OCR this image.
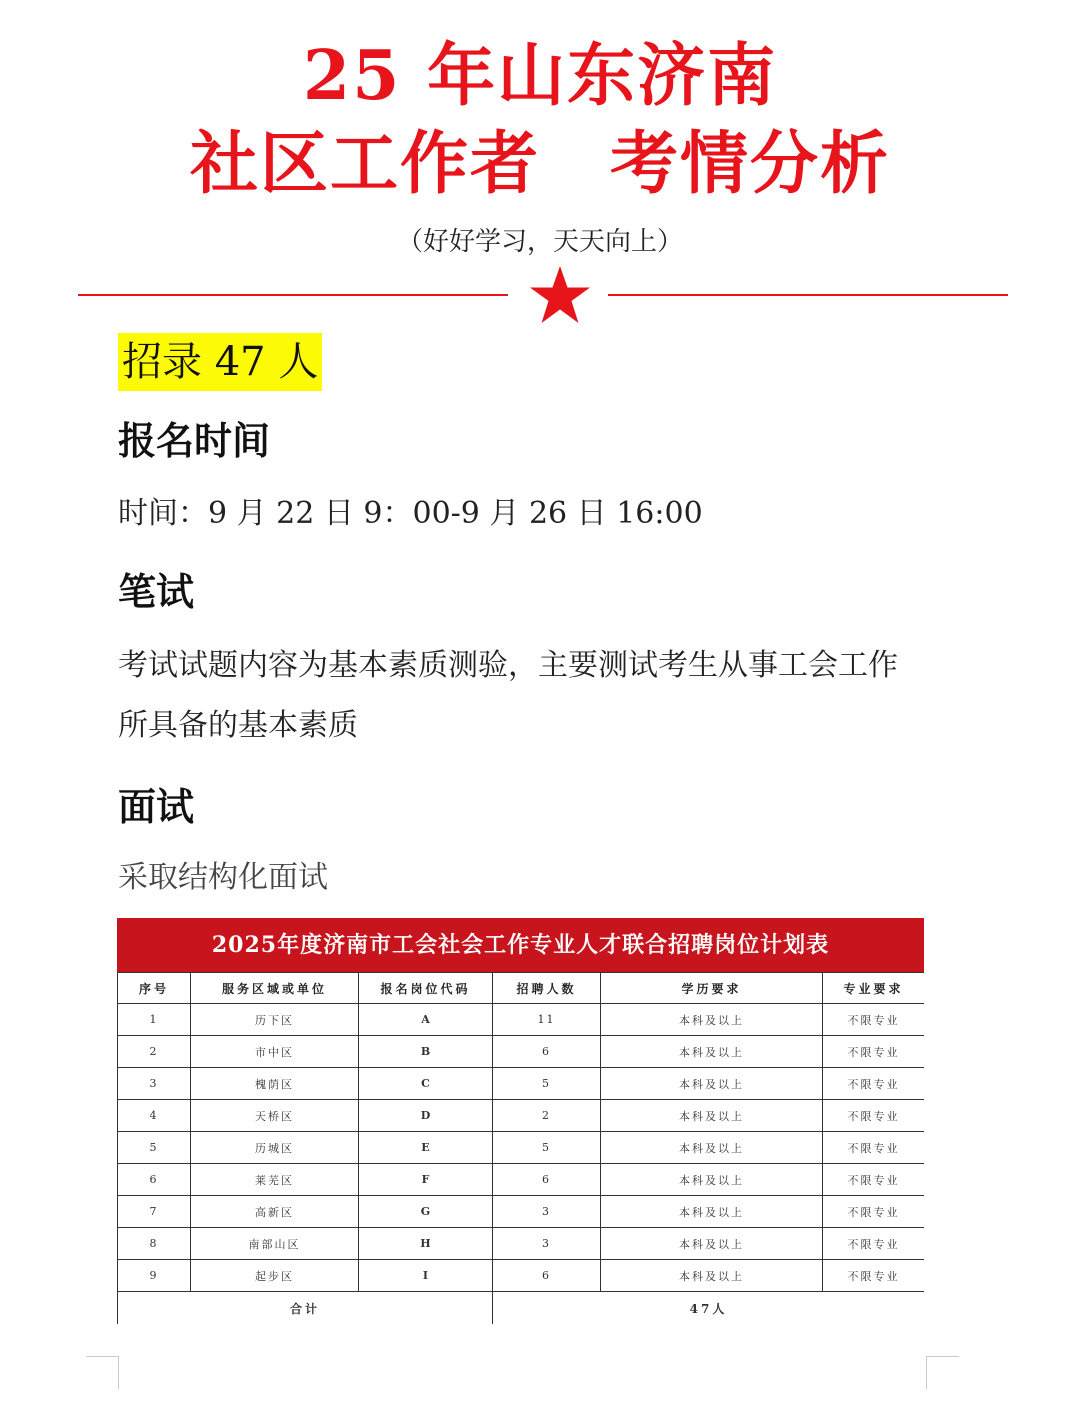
25 年山东济南
社区工作者 考情分析
（好好学习，天天向上）
招录 47 人
报名时间
时间：9 月 22 日 9：00-9 月 26 日 16:00
笔试
考试试题内容为基本素质测验，主要测试考生从事工会工作
所具备的基本素质
面试
采取结构化面试
2025年度济南市工会社会工作专业人才联合招聘岗位计划表
序号	服务区域或单位	报名岗位代码	招聘人数	学历要求	专业要求
1	历下区	A	11	本科及以上	不限专业
2	市中区	B	6	本科及以上	不限专业
3	槐荫区	C	5	本科及以上	不限专业
4	天桥区	D	2	本科及以上	不限专业
5	历城区	E	5	本科及以上	不限专业
6	莱芜区	F	6	本科及以上	不限专业
7	高新区	G	3	本科及以上	不限专业
8	南部山区	H	3	本科及以上	不限专业
9	起步区	I	6	本科及以上	不限专业
合计			47人		
